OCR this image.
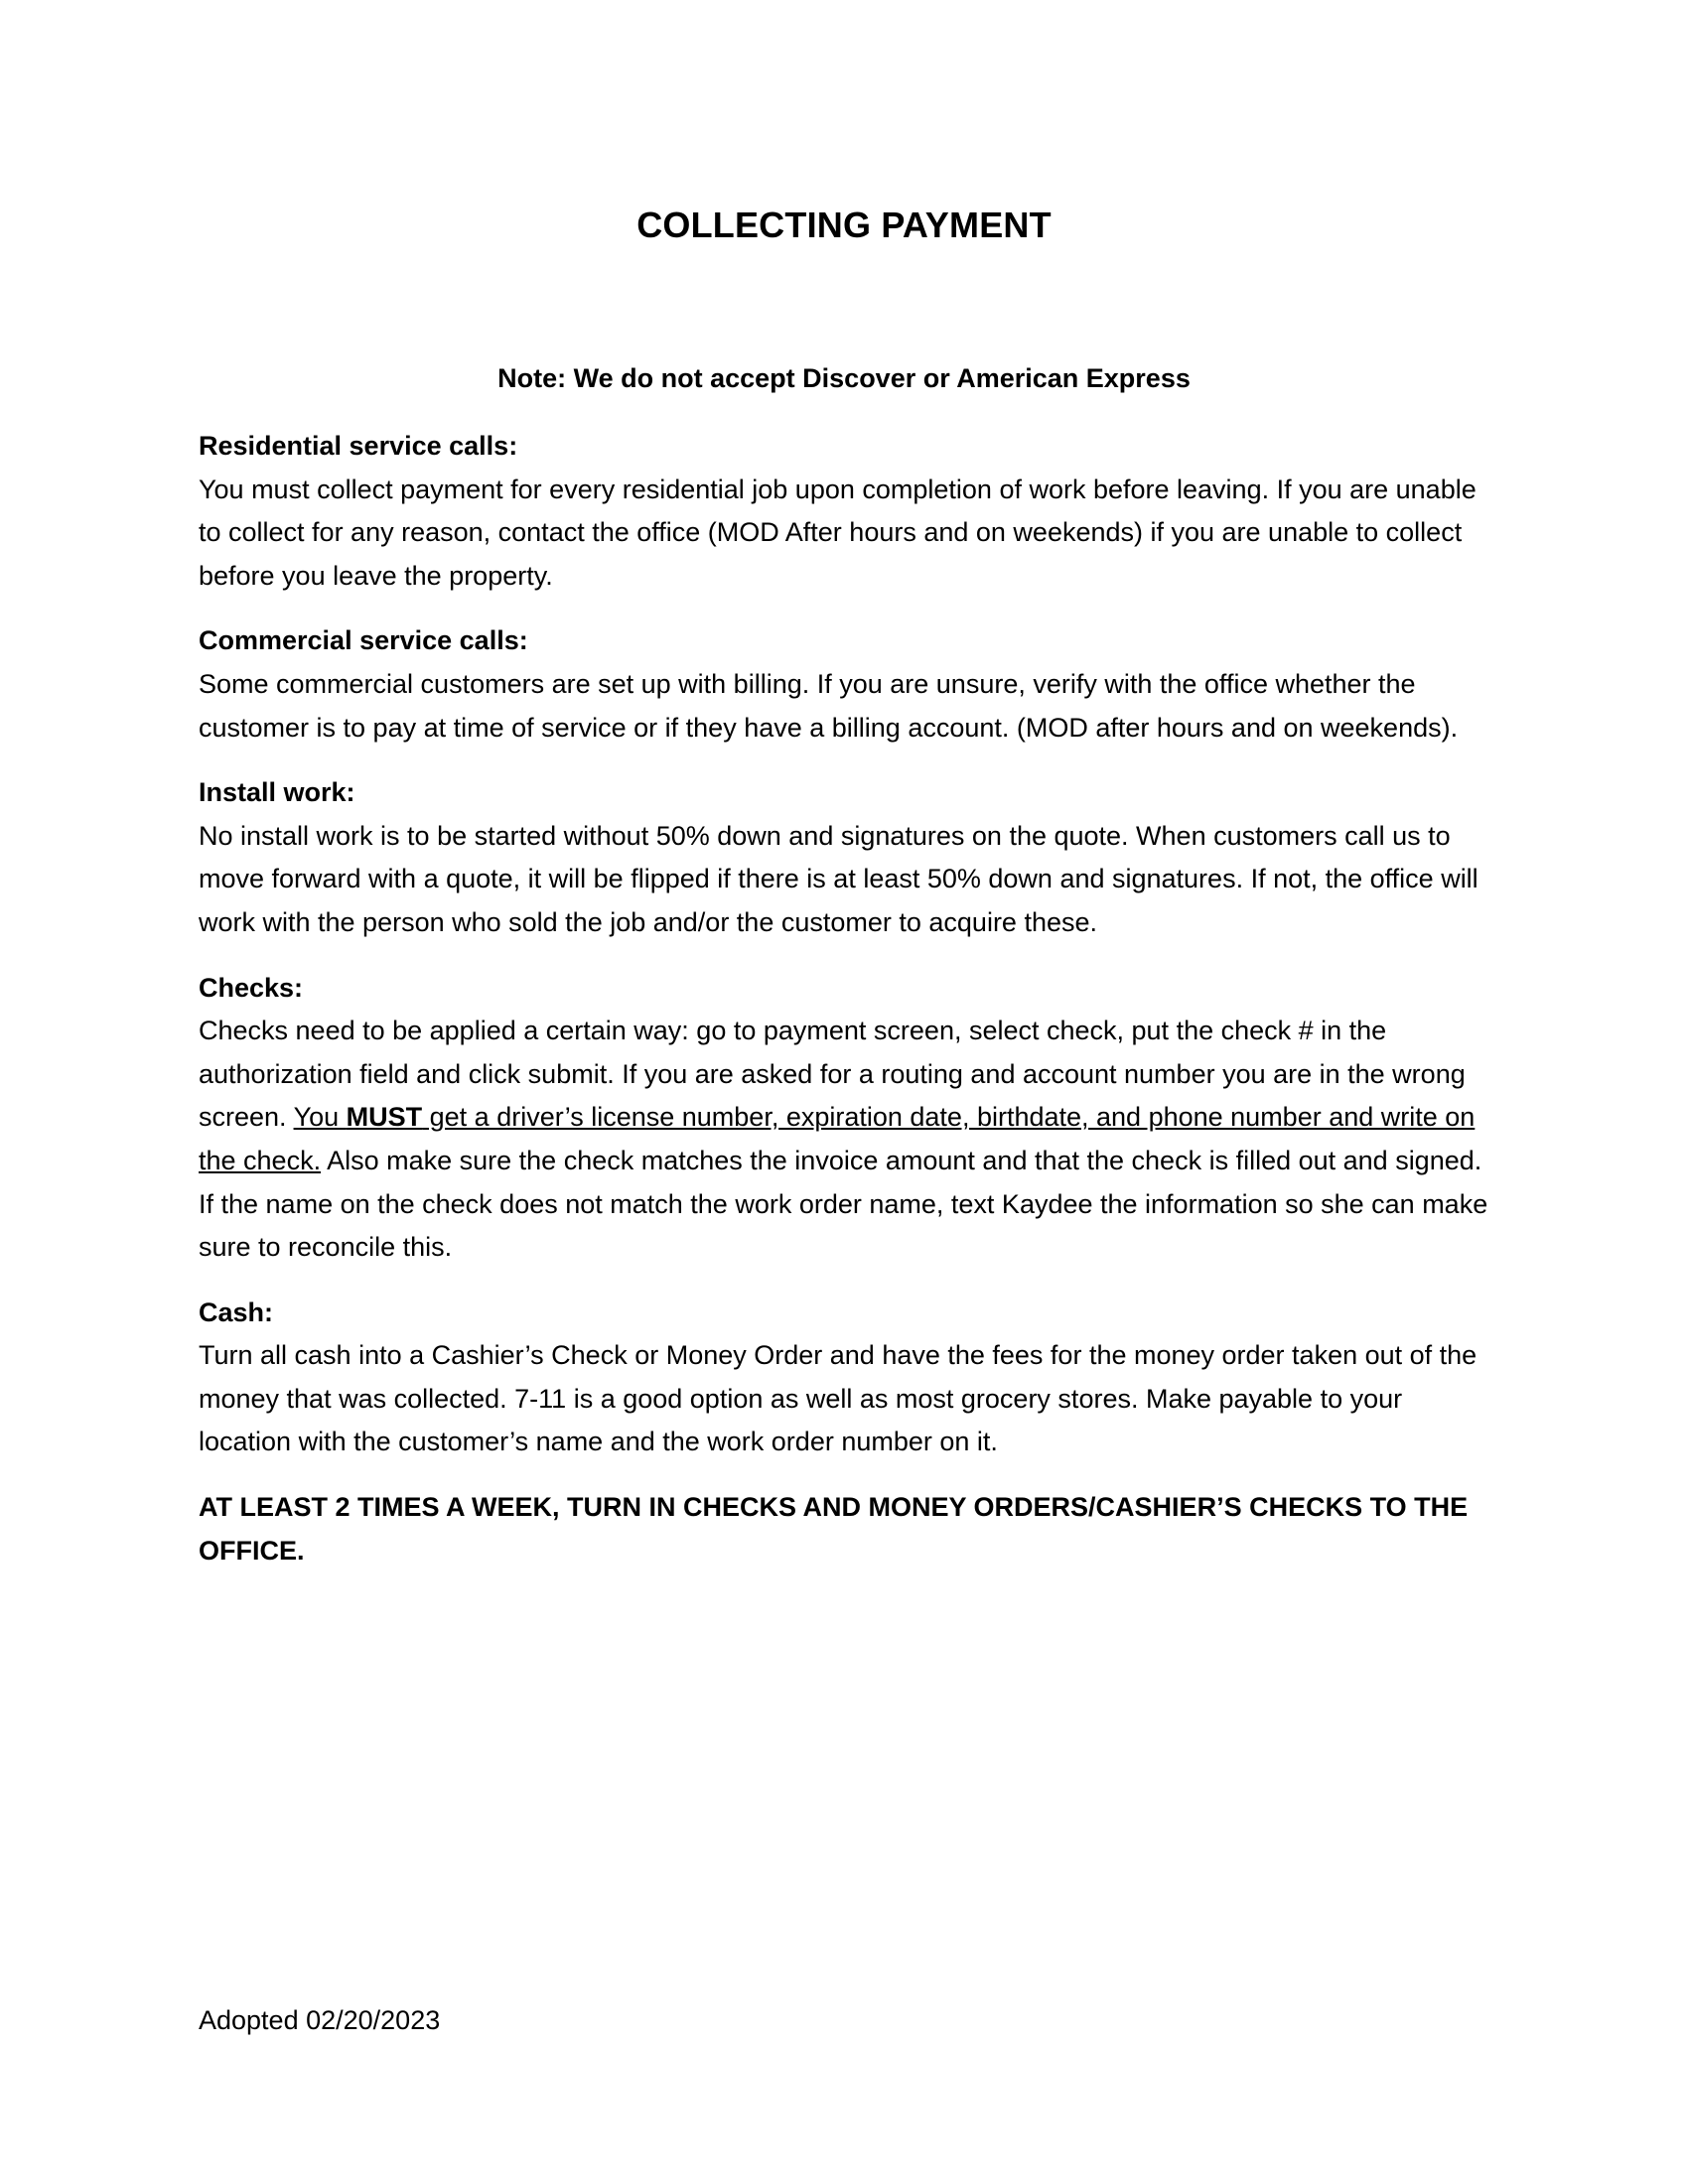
COLLECTING PAYMENT
Note: We do not accept Discover or American Express
Residential service calls:
You must collect payment for every residential job upon completion of work before leaving. If you are unable to collect for any reason, contact the office (MOD After hours and on weekends) if you are unable to collect before you leave the property.
Commercial service calls:
Some commercial customers are set up with billing. If you are unsure, verify with the office whether the customer is to pay at time of service or if they have a billing account. (MOD after hours and on weekends).
Install work:
No install work is to be started without 50% down and signatures on the quote. When customers call us to move forward with a quote, it will be flipped if there is at least 50% down and signatures. If not, the office will work with the person who sold the job and/or the customer to acquire these.
Checks:
Checks need to be applied a certain way: go to payment screen, select check, put the check # in the authorization field and click submit. If you are asked for a routing and account number you are in the wrong screen. You MUST get a driver’s license number, expiration date, birthdate, and phone number and write on the check. Also make sure the check matches the invoice amount and that the check is filled out and signed. If the name on the check does not match the work order name, text Kaydee the information so she can make sure to reconcile this.
Cash:
Turn all cash into a Cashier’s Check or Money Order and have the fees for the money order taken out of the money that was collected. 7-11 is a good option as well as most grocery stores. Make payable to your location with the customer’s name and the work order number on it.
AT LEAST 2 TIMES A WEEK, TURN IN CHECKS AND MONEY ORDERS/CASHIER’S CHECKS TO THE OFFICE.
Adopted 02/20/2023
